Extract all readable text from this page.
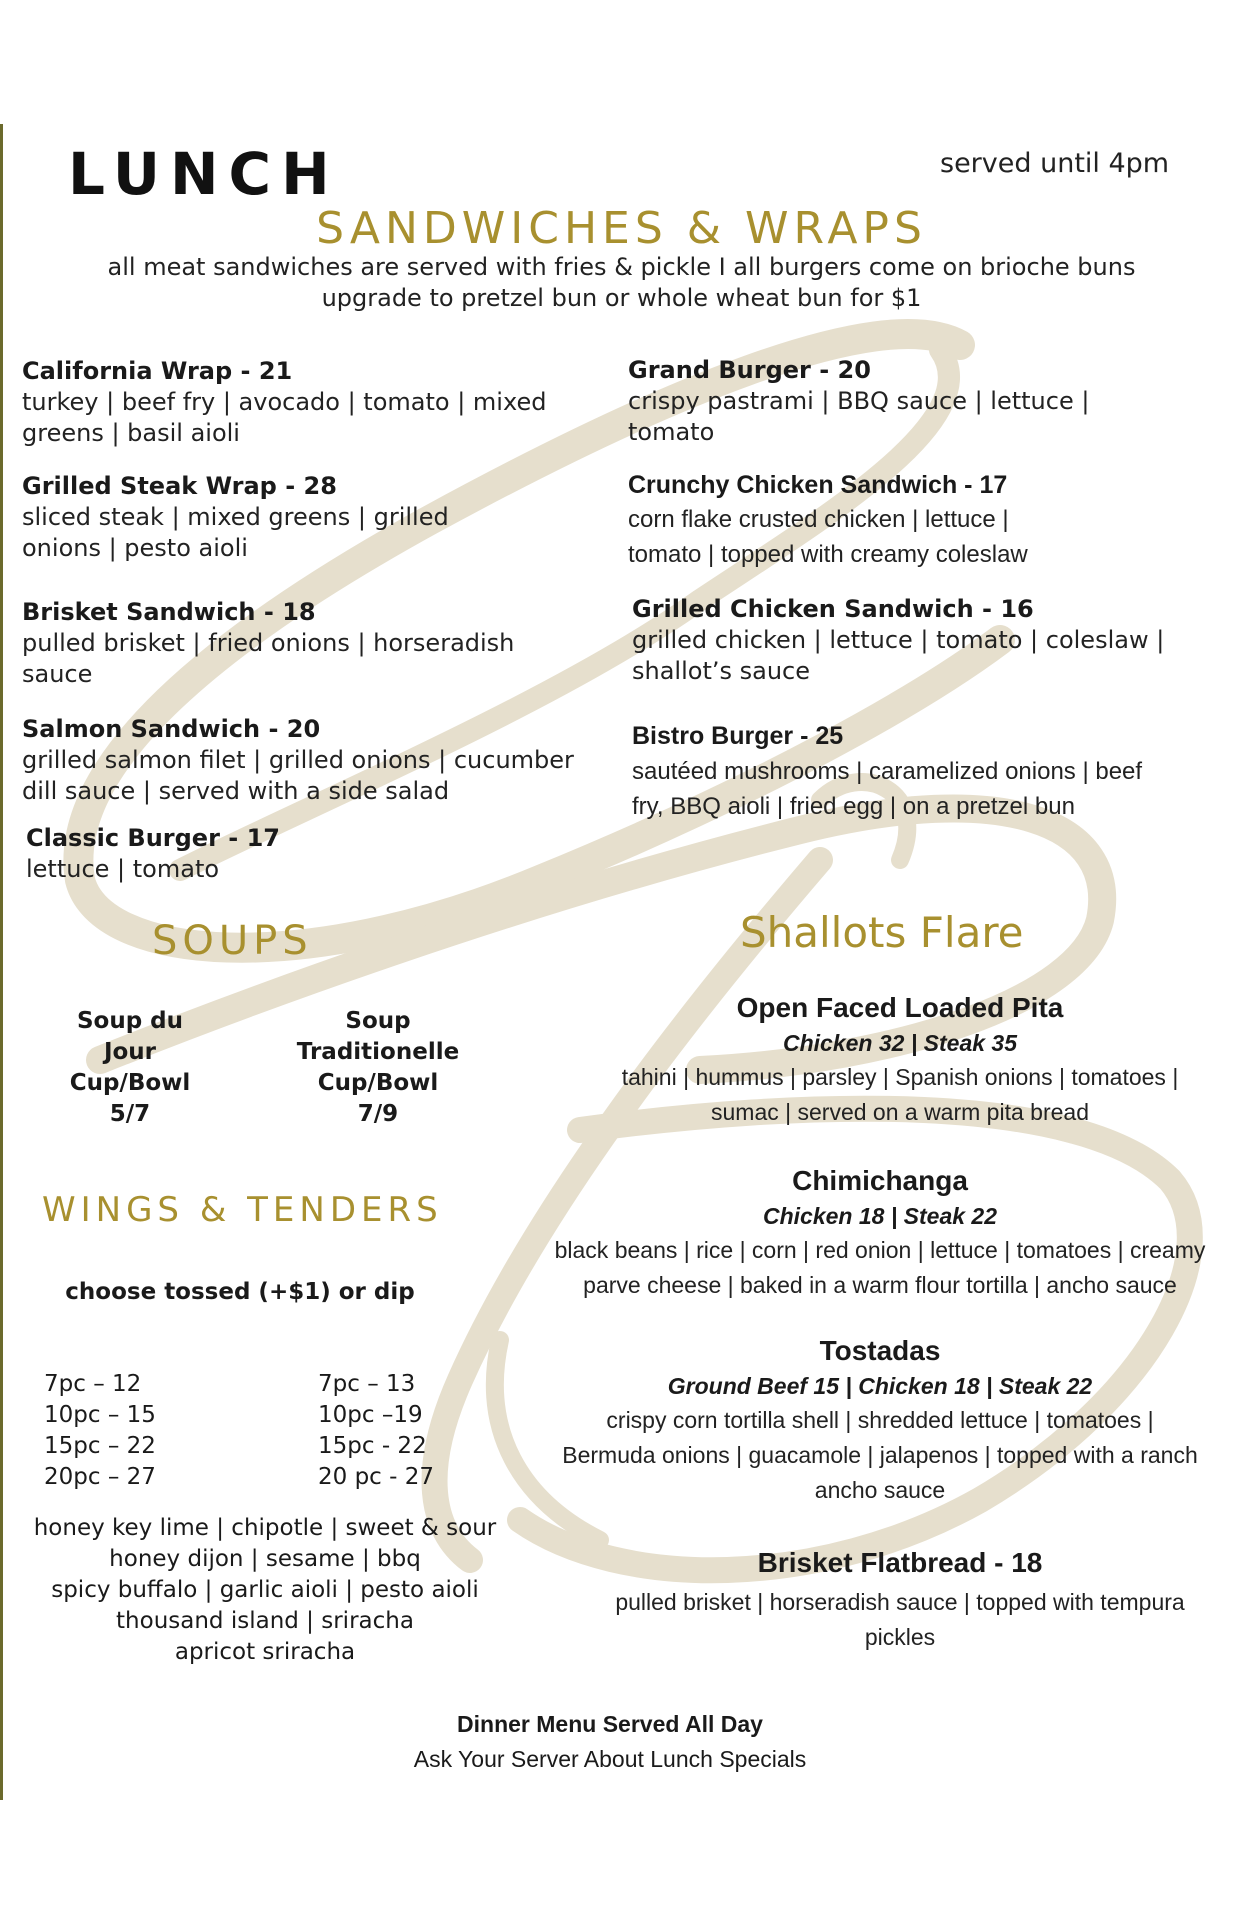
LUNCH	served until 4pm
SANDWICHES & WRAPS
all meat sandwiches are served with fries & pickle I all burgers come on brioche buns
upgrade to pretzel bun or whole wheat bun for $1
California Wrap - 21
turkey | beef fry | avocado | tomato | mixed
greens | basil aioli
Grilled Steak Wrap - 28
sliced steak | mixed greens | grilled
onions | pesto aioli
Brisket Sandwich - 18
pulled brisket | fried onions | horseradish
sauce
Salmon Sandwich - 20
grilled salmon filet | grilled onions | cucumber
dill sauce | served with a side salad
Classic Burger - 17
lettuce | tomato
Grand Burger - 20
crispy pastrami | BBQ sauce | lettuce |
tomato
Crunchy Chicken Sandwich - 17
corn flake crusted chicken | lettuce |
tomato | topped with creamy coleslaw
Grilled Chicken Sandwich - 16
grilled chicken | lettuce | tomato | coleslaw |
shallot’s sauce
Bistro Burger - 25
sautéed mushrooms | caramelized onions | beef
fry, BBQ aioli | fried egg | on a pretzel bun
SOUPS
Soup du
Jour
Cup/Bowl
5/7
Soup
Traditionelle
Cup/Bowl
7/9
WINGS & TENDERS
choose tossed (+$1) or dip
7pc – 12
10pc – 15
15pc – 22
20pc – 27
7pc – 13
10pc –19
15pc - 22
20 pc - 27
honey key lime | chipotle | sweet & sour
honey dijon | sesame | bbq
spicy buffalo | garlic aioli | pesto aioli
thousand island | sriracha
apricot sriracha
Shallots Flare
Open Faced Loaded Pita
Chicken 32 | Steak 35
tahini | hummus | parsley | Spanish onions | tomatoes |
sumac | served on a warm pita bread
Chimichanga
Chicken 18 | Steak 22
black beans | rice | corn | red onion | lettuce | tomatoes | creamy
parve cheese | baked in a warm flour tortilla | ancho sauce
Tostadas
Ground Beef 15 | Chicken 18 | Steak 22
crispy corn tortilla shell | shredded lettuce | tomatoes |
Bermuda onions | guacamole | jalapenos | topped with a ranch
ancho sauce
Brisket Flatbread - 18
pulled brisket | horseradish sauce | topped with tempura
pickles
Dinner Menu Served All Day
Ask Your Server About Lunch Specials
